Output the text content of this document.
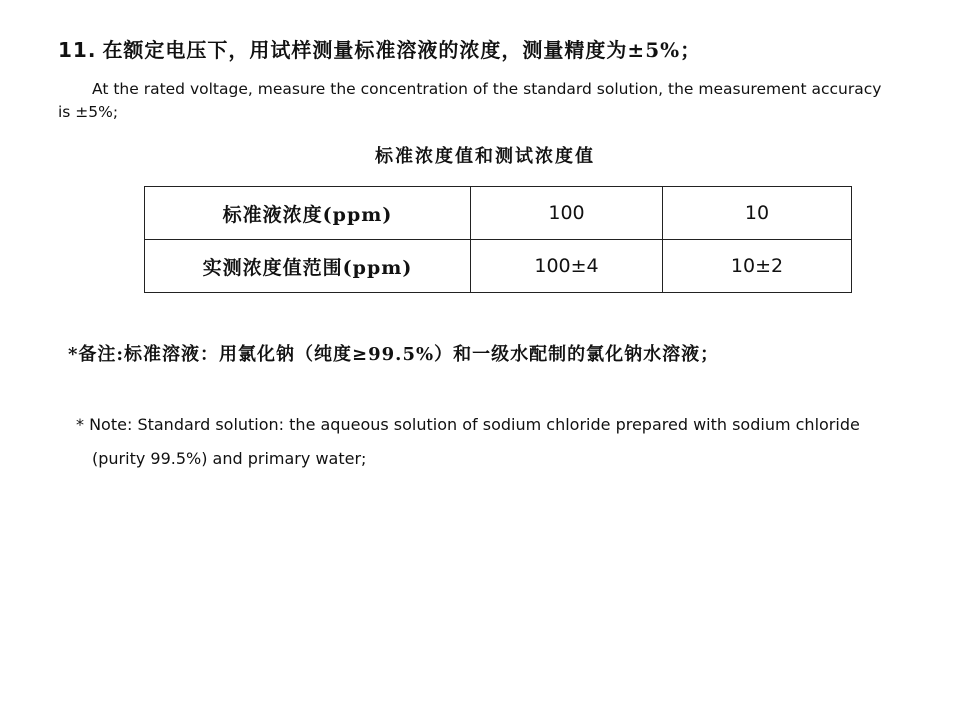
11. 在额定电压下，用试样测量标准溶液的浓度，测量精度为±5%；
At the rated voltage, measure the concentration of the standard solution, the measurement accuracy is ±5%;
标准浓度值和测试浓度值
标准液浓度(ppm)	100	10
实测浓度值范围(ppm)	100±4	10±2
*备注:标准溶液：用氯化钠（纯度≥99.5%）和一级水配制的氯化钠水溶液；
* Note: Standard solution: the aqueous solution of sodium chloride prepared with sodium chloride (purity 99.5%) and primary water;
